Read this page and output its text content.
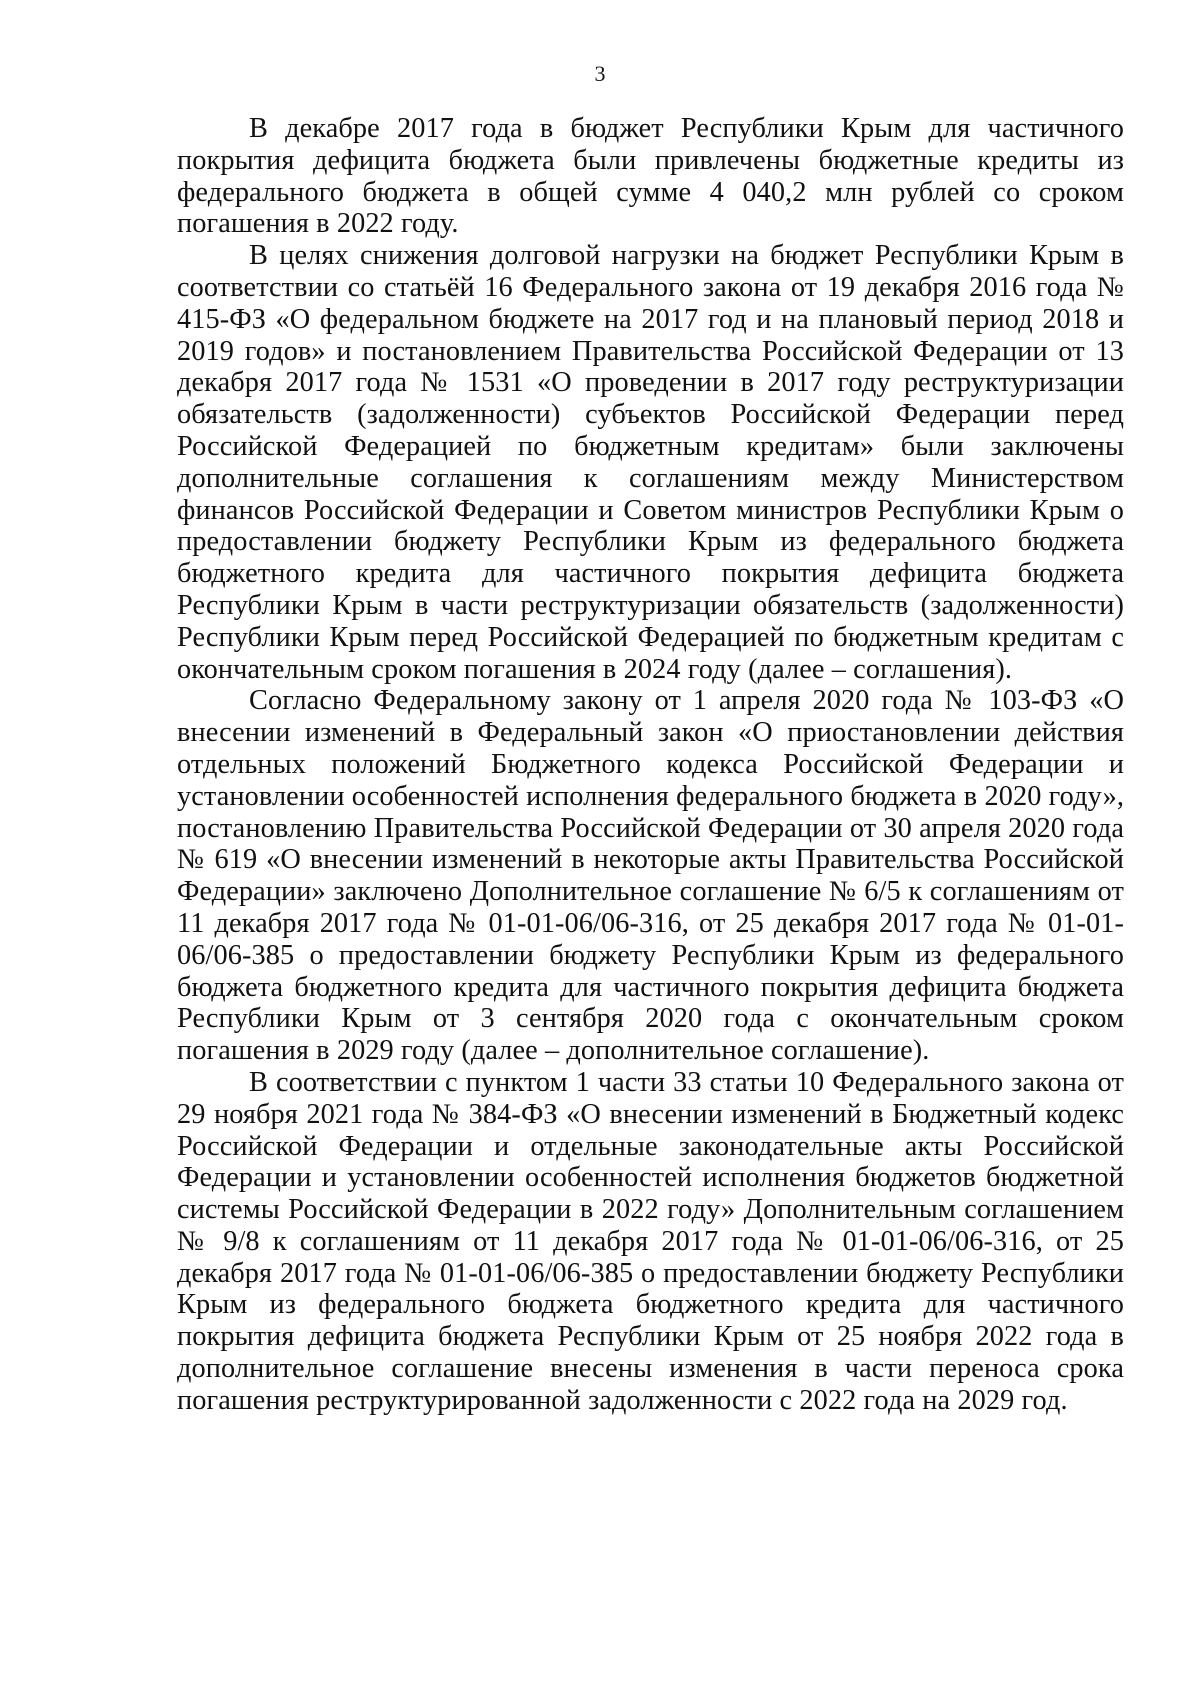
3

В декабре 2017 года в бюджет Республики Крым для частичного покрытия дефицита бюджета были привлечены бюджетные кредиты из федерального бюджета в общей сумме 4 040,2 млн рублей со сроком погашения в 2022 году.

В целях снижения долговой нагрузки на бюджет Республики Крым в соответствии со статьёй 16 Федерального закона от 19 декабря 2016 года № 415-ФЗ «О федеральном бюджете на 2017 год и на плановый период 2018 и 2019 годов» и постановлением Правительства Российской Федерации от 13 декабря 2017 года № 1531 «О проведении в 2017 году реструктуризации обязательств (задолженности) субъектов Российской Федерации перед Российской Федерацией по бюджетным кредитам» были заключены дополнительные соглашения к соглашениям между Министерством финансов Российской Федерации и Советом министров Республики Крым о предоставлении бюджету Республики Крым из федерального бюджета бюджетного кредита для частичного покрытия дефицита бюджета Республики Крым в части реструктуризации обязательств (задолженности) Республики Крым перед Российской Федерацией по бюджетным кредитам с окончательным сроком погашения в 2024 году (далее – соглашения).

Согласно Федеральному закону от 1 апреля 2020 года № 103-ФЗ «О внесении изменений в Федеральный закон «О приостановлении действия отдельных положений Бюджетного кодекса Российской Федерации и установлении особенностей исполнения федерального бюджета в 2020 году», постановлению Правительства Российской Федерации от 30 апреля 2020 года № 619 «О внесении изменений в некоторые акты Правительства Российской Федерации» заключено Дополнительное соглашение № 6/5 к соглашениям от 11 декабря 2017 года № 01-01-06/06-316, от 25 декабря 2017 года № 01-01-06/06-385 о предоставлении бюджету Республики Крым из федерального бюджета бюджетного кредита для частичного покрытия дефицита бюджета Республики Крым от 3 сентября 2020 года с окончательным сроком погашения в 2029 году (далее – дополнительное соглашение).

В соответствии с пунктом 1 части 33 статьи 10 Федерального закона от 29 ноября 2021 года № 384-ФЗ «О внесении изменений в Бюджетный кодекс Российской Федерации и отдельные законодательные акты Российской Федерации и установлении особенностей исполнения бюджетов бюджетной системы Российской Федерации в 2022 году» Дополнительным соглашением № 9/8 к соглашениям от 11 декабря 2017 года № 01-01-06/06-316, от 25 декабря 2017 года № 01-01-06/06-385 о предоставлении бюджету Республики Крым из федерального бюджета бюджетного кредита для частичного покрытия дефицита бюджета Республики Крым от 25 ноября 2022 года в дополнительное соглашение внесены изменения в части переноса срока погашения реструктурированной задолженности с 2022 года на 2029 год.
